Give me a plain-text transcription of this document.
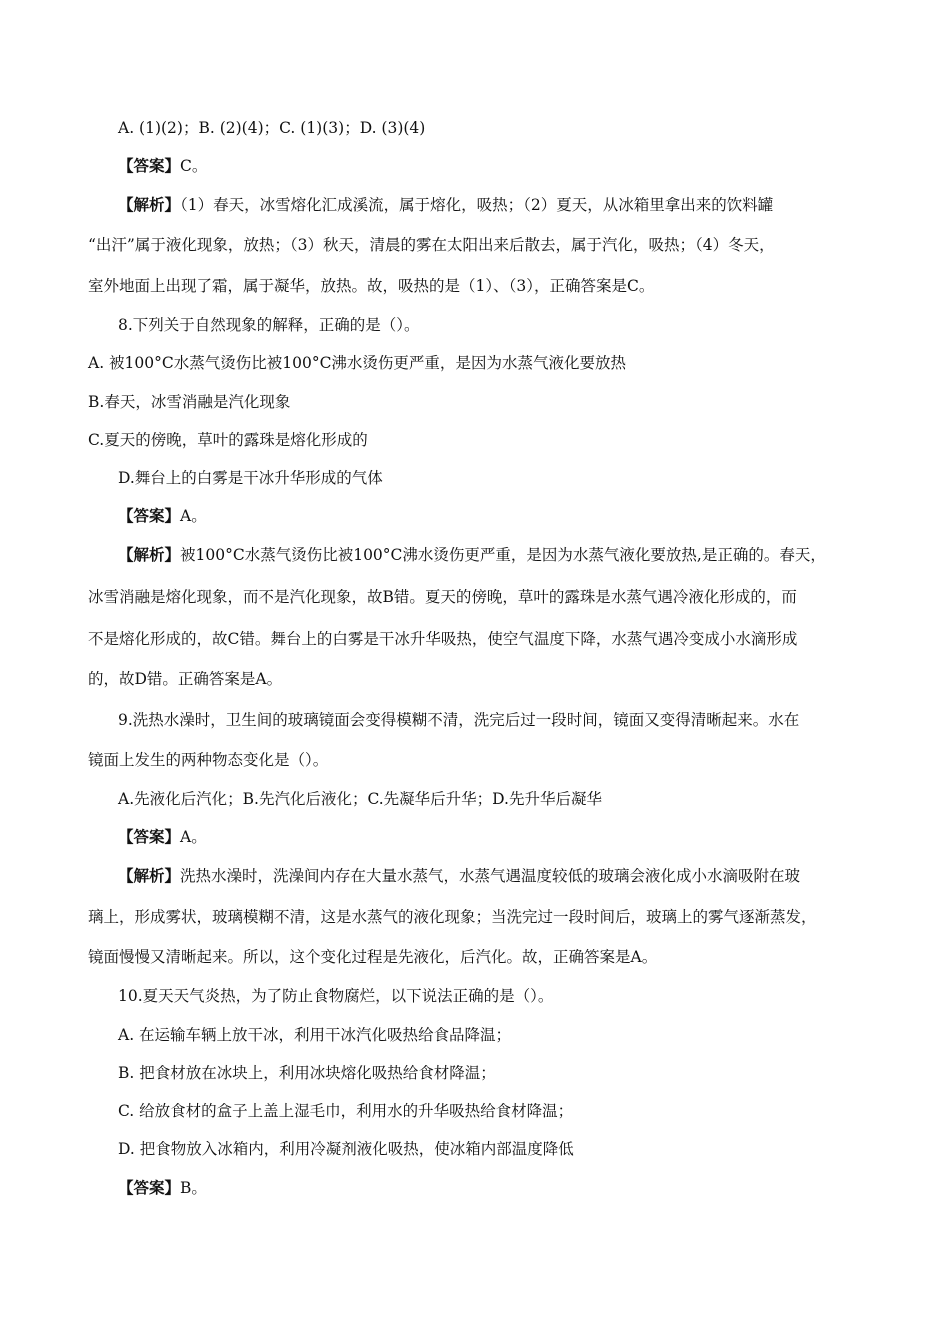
A. (1)(2)；B. (2)(4)；C. (1)(3)；D. (3)(4)
【答案】C。
【解析】（1）春天，冰雪熔化汇成溪流，属于熔化，吸热；（2）夏天，从冰箱里拿出来的饮料罐
“出汗”属于液化现象，放热；（3）秋天，清晨的雾在太阳出来后散去，属于汽化，吸热；（4）冬天，
室外地面上出现了霜，属于凝华，放热。故，吸热的是（1）、（3），正确答案是C。
8.下列关于自然现象的解释，正确的是（）。
A. 被100°C水蒸气烫伤比被100°C沸水烫伤更严重，是因为水蒸气液化要放热
B.春天，冰雪消融是汽化现象
C.夏天的傍晚，草叶的露珠是熔化形成的
D.舞台上的白雾是干冰升华形成的气体
【答案】A。
【解析】被100°C水蒸气烫伤比被100°C沸水烫伤更严重，是因为水蒸气液化要放热,是正确的。春天，
冰雪消融是熔化现象，而不是汽化现象，故B错。夏天的傍晚，草叶的露珠是水蒸气遇冷液化形成的，而
不是熔化形成的，故C错。舞台上的白雾是干冰升华吸热，使空气温度下降，水蒸气遇冷变成小水滴形成
的，故D错。正确答案是A。
9.洗热水澡时，卫生间的玻璃镜面会变得模糊不清，洗完后过一段时间，镜面又变得清晰起来。水在
镜面上发生的两种物态变化是（）。
A.先液化后汽化；B.先汽化后液化；C.先凝华后升华；D.先升华后凝华
【答案】A。
【解析】洗热水澡时，洗澡间内存在大量水蒸气，水蒸气遇温度较低的玻璃会液化成小水滴吸附在玻
璃上，形成雾状，玻璃模糊不清，这是水蒸气的液化现象；当洗完过一段时间后，玻璃上的雾气逐渐蒸发，
镜面慢慢又清晰起来。所以，这个变化过程是先液化，后汽化。故，正确答案是A。
10.夏天天气炎热，为了防止食物腐烂，以下说法正确的是（）。
A. 在运输车辆上放干冰，利用干冰汽化吸热给食品降温；
B. 把食材放在冰块上，利用冰块熔化吸热给食材降温；
C. 给放食材的盒子上盖上湿毛巾，利用水的升华吸热给食材降温；
D. 把食物放入冰箱内，利用冷凝剂液化吸热，使冰箱内部温度降低
【答案】B。
